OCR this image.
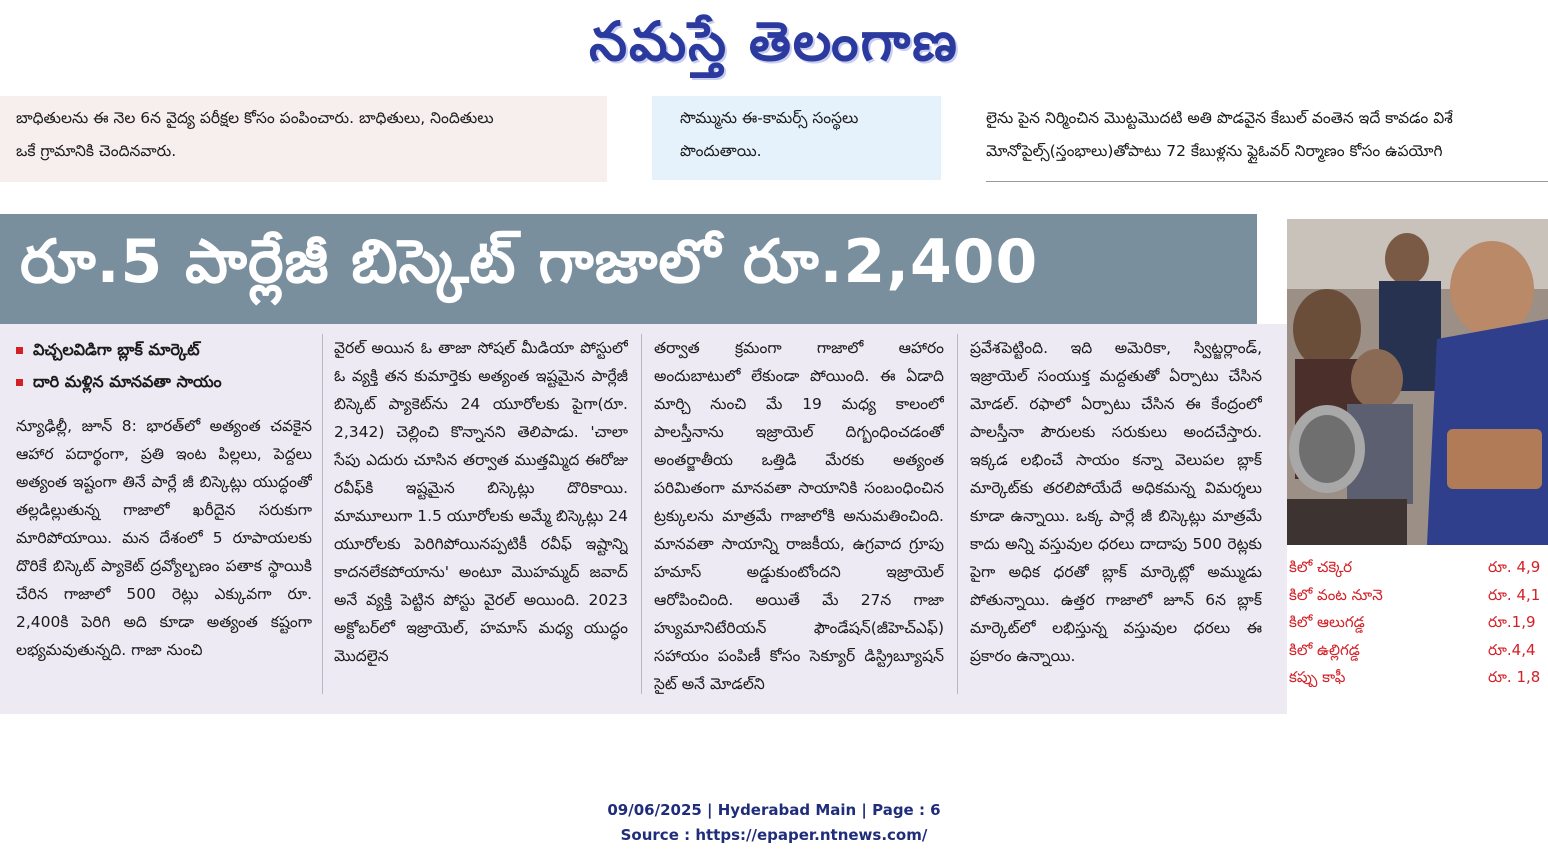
నమస్తే తెలంగాణ

బాధితులను ఈ నెల 6న వైద్య పరీక్షల కోసం పంపించారు. బాధితులు, నిందితులు

ఒకే గ్రామానికి చెందినవారు.

సొమ్మును ఈ-కామర్స్ సంస్థలు

పొందుతాయి.

లైను పైన నిర్మించిన మొట్టమొదటి అతి పొడవైన కేబుల్ వంతెన ఇదే కావడం విశే

మోనోపైల్స్(స్తంభాలు)తోపాటు 72 కేబుళ్లను ఫ్లైఓవర్ నిర్మాణం కోసం ఉపయోగి

రూ.5 పార్లేజీ బిస్కెట్ గాజాలో రూ.2,400
విచ్చలవిడిగా బ్లాక్ మార్కెట్
దారి మళ్లిన మానవతా సాయం

న్యూఢిల్లీ, జూన్ 8: భారత్‌లో అత్యంత చవకైన ఆహార పదార్థంగా, ప్రతి ఇంట పిల్లలు, పెద్దలు అత్యంత ఇష్టంగా తినే పార్లే జీ బిస్కెట్లు యుద్ధంతో తల్లడిల్లుతున్న గాజాలో ఖరీదైన సరుకుగా మారిపోయాయి. మన దేశంలో 5 రూపాయలకు దొరికే బిస్కెట్ ప్యాకెట్ ద్రవ్యోల్బణం పతాక స్థాయికి చేరిన గాజాలో 500 రెట్లు ఎక్కువగా రూ. 2,400కి పెరిగి అది కూడా అత్యంత కష్టంగా లభ్యమవుతున్నది. గాజా నుంచి

వైరల్ అయిన ఓ తాజా సోషల్ మీడియా పోస్టులో ఓ వ్యక్తి తన కుమార్తెకు అత్యంత ఇష్టమైన పార్లేజీ బిస్కెట్ ప్యాకెట్‌ను 24 యూరోలకు పైగా(రూ. 2,342) చెల్లించి కొన్నానని తెలిపాడు. 'చాలా సేపు ఎదురు చూసిన తర్వాత ముత్తమ్మిద ఈరోజు రవీఫ్‌కి ఇష్టమైన బిస్కెట్లు దొరికాయి. మామూలుగా 1.5 యూరోలకు అమ్మే బిస్కెట్లు 24 యూరోలకు పెరిగిపోయినప్పటికీ రవీఫ్ ఇష్టాన్ని కాదనలేకపోయాను' అంటూ మొహమ్మద్ జవాద్ అనే వ్యక్తి పెట్టిన పోస్టు వైరల్ అయింది. 2023 అక్టోబర్‌లో ఇజ్రాయెల్, హమాస్ మధ్య యుద్ధం మొదలైన

తర్వాత క్రమంగా గాజాలో ఆహారం అందుబాటులో లేకుండా పోయింది. ఈ ఏడాది మార్చి నుంచి మే 19 మధ్య కాలంలో పాలస్తీనాను ఇజ్రాయెల్ దిగ్బంధించడంతో అంతర్జాతీయ ఒత్తిడి మేరకు అత్యంత పరిమితంగా మానవతా సాయానికి సంబంధించిన ట్రక్కులను మాత్రమే గాజాలోకి అనుమతించింది. మానవతా సాయాన్ని రాజకీయ, ఉగ్రవాద గ్రూపు హమాస్ అడ్డుకుంటోందని ఇజ్రాయెల్ ఆరోపించింది. అయితే మే 27న గాజా హ్యుమానిటేరియన్ ఫౌండేషన్(జీహెచ్‌ఎఫ్) సహాయం పంపిణీ కోసం సెక్యూర్ డిస్ట్రిబ్యూషన్ సైట్ అనే మోడల్‌ని

ప్రవేశపెట్టింది. ఇది అమెరికా, స్విట్జర్లాండ్, ఇజ్రాయెల్ సంయుక్త మద్దతుతో ఏర్పాటు చేసిన మోడల్. రఫాలో ఏర్పాటు చేసిన ఈ కేంద్రంలో పాలస్తీనా పౌరులకు సరుకులు అందచేస్తారు. ఇక్కడ లభించే సాయం కన్నా వెలుపల బ్లాక్ మార్కెట్‌కు తరలిపోయేదే అధికమన్న విమర్శలు కూడా ఉన్నాయి. ఒక్క పార్లే జీ బిస్కెట్లు మాత్రమే కాదు అన్ని వస్తువుల ధరలు దాదాపు 500 రెట్లకు పైగా అధిక ధరతో బ్లాక్ మార్కెట్లో అమ్ముడు పోతున్నాయి. ఉత్తర గాజాలో జూన్ 6న బ్లాక్ మార్కెట్‌లో లభిస్తున్న వస్తువుల ధరలు ఈ ప్రకారం ఉన్నాయి.

కిలో చక్కెర	రూ. 4,9
కిలో వంట నూనె	రూ. 4,1
కిలో ఆలుగడ్డ	రూ.1,9
కిలో ఉల్లిగడ్డ	రూ.4,4
కప్పు కాఫీ	రూ. 1,8
09/06/2025 | Hyderabad Main | Page : 6
Source : https://epaper.ntnews.com/
